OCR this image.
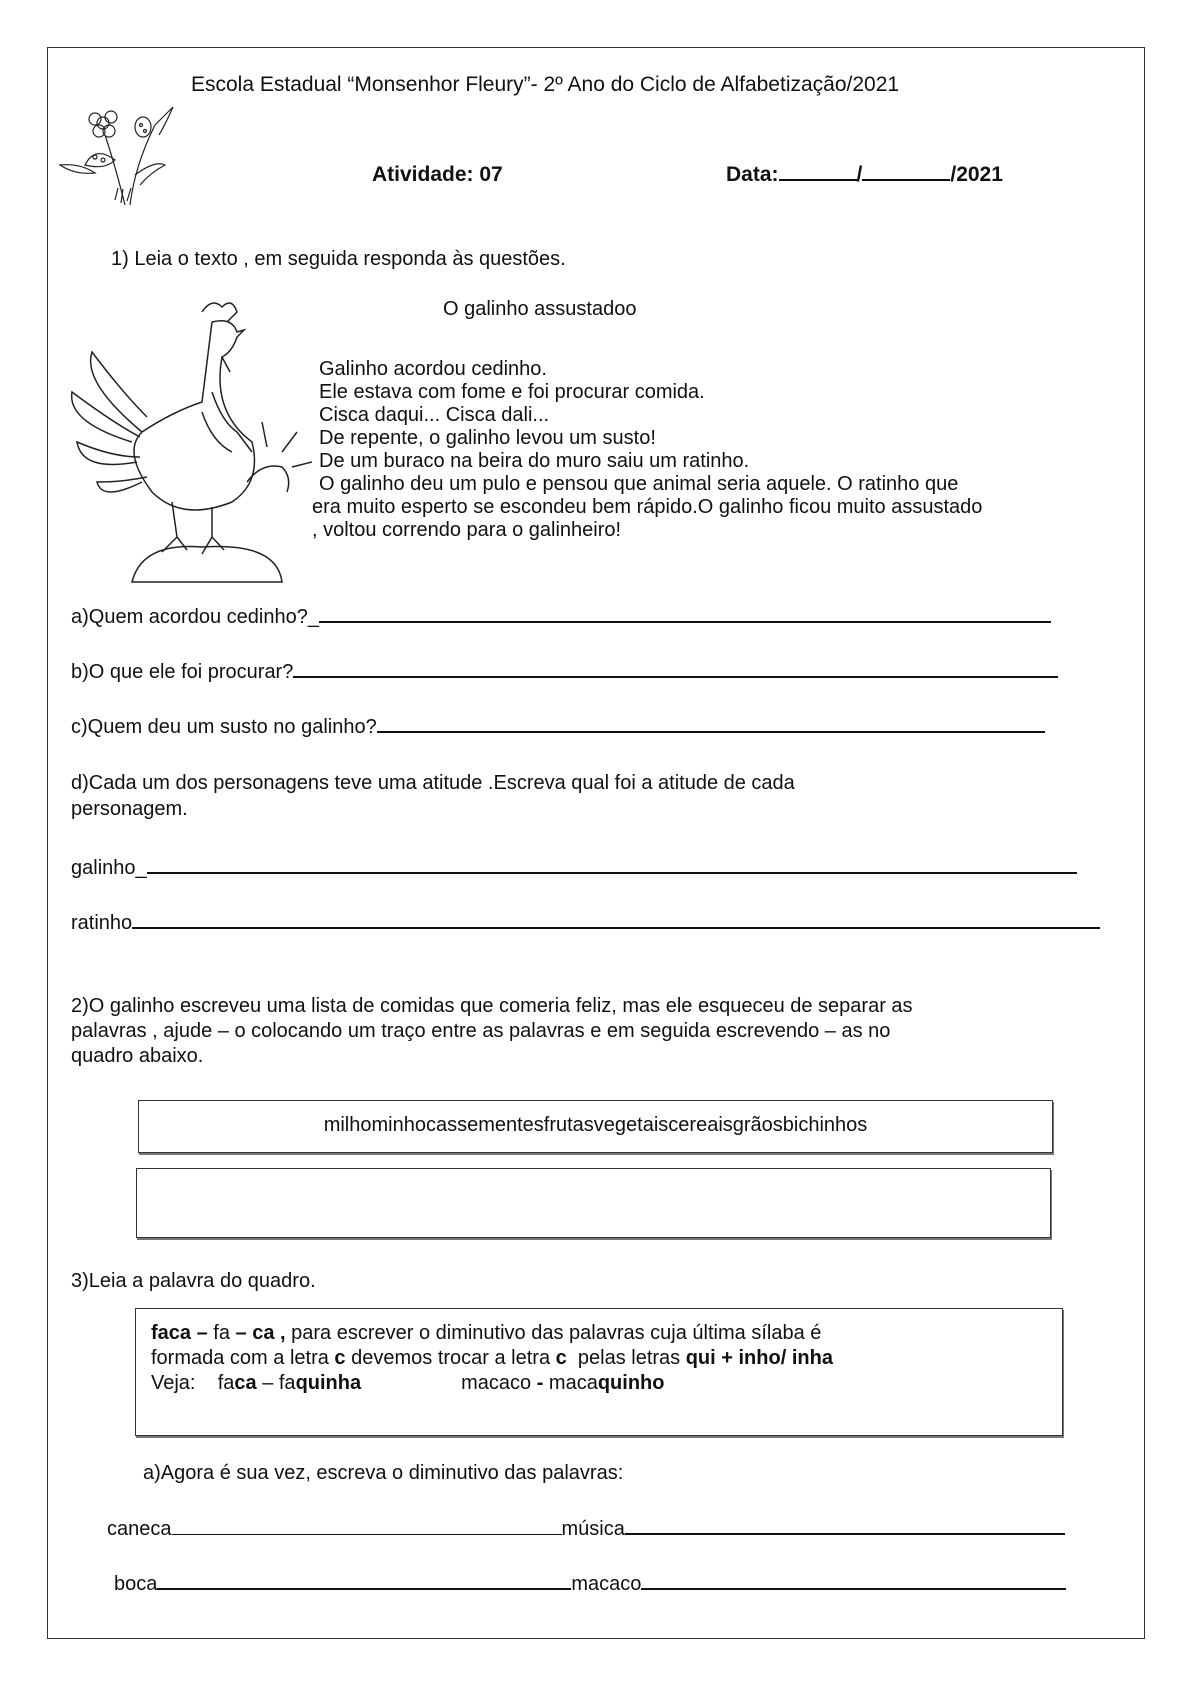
Escola Estadual “Monsenhor Fleury”- 2º Ano do Ciclo de Alfabetização/2021
Atividade: 07	Data:	/	/2021
1) Leia o texto , em seguida responda às questões.
O galinho assustadoo
Galinho acordou cedinho.
Ele estava com fome e foi procurar comida.
Cisca daqui... Cisca dali...
De repente, o galinho levou um susto!
De um buraco na beira do muro saiu um ratinho.
O galinho deu um pulo e pensou que animal seria aquele. O ratinho que
era muito esperto se escondeu bem rápido.O galinho ficou muito assustado
, voltou correndo para o galinheiro!
a)Quem acordou cedinho?_
b)O que ele foi procurar?
c)Quem deu um susto no galinho?
d)Cada um dos personagens teve uma atitude .Escreva qual foi a atitude de cada
personagem.
galinho_
ratinho
2)O galinho escreveu uma lista de comidas que comeria feliz, mas ele esqueceu de separar as
palavras , ajude – o colocando um traço entre as palavras e em seguida escrevendo – as no
quadro abaixo.
milhominhocassementesfrutasvegetaiscereaisgrãosbichinhos
3)Leia a palavra do quadro.
faca – fa – ca , para escrever o diminutivo das palavras cuja última sílaba é
formada com a letra c devemos trocar a letra c  pelas letras qui + inho/ inha
Veja:    faca – faquinha	macaco - macaquinho
a)Agora é sua vez, escreva o diminutivo das palavras:
caneca	música
boca	macaco
